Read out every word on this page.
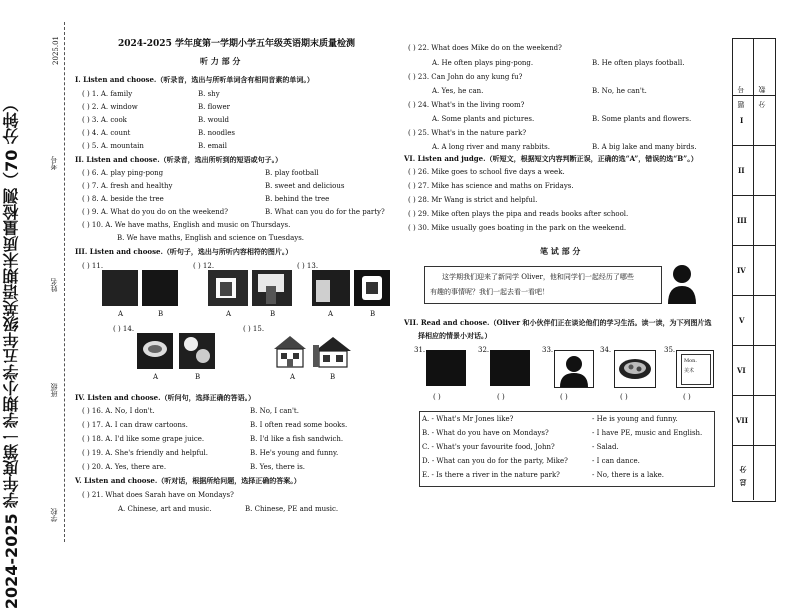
2024-2025 学年度第一学期小学五年级英语期末质量检测（70 分钟）
2025.01
学校
班级
姓名
考号
2024-2025 学年度第一学期小学五年级英语期末质量检测
听 力 部 分
I. Listen and choose.（听录音，选出与所听单词含有相同音素的单词。）
( ) 1. A. family	B. shy
( ) 2. A. window	B. flower
( ) 3. A. cook	B. would
( ) 4. A. count	B. noodles
( ) 5. A. mountain	B. email
II. Listen and choose.（听录音，选出所听到的短语或句子。）
( ) 6. A. play ping-pong	B. play football
( ) 7. A. fresh and healthy	B. sweet and delicious
( ) 8. A. beside the tree	B. behind the tree
( ) 9. A. What do you do on the weekend?	B. What can you do for the party?
( ) 10. A. We have maths, English and music on Thursdays.
B. We have maths, English and science on Tuesdays.
III. Listen and choose.（听句子，选出与所听内容相符的图片。）
( ) 11.
A	B
( ) 12.
A	B
( ) 13.
A	B
( ) 14.
A	B
( ) 15.
A	B
IV. Listen and choose.（听问句，选择正确的答语。）
( ) 16. A. No, I don't.	B. No, I can't.
( ) 17. A. I can draw cartoons.	B. I often read some books.
( ) 18. A. I'd like some grape juice.	B. I'd like a fish sandwich.
( ) 19. A. She's friendly and helpful.	B. He's young and funny.
( ) 20. A. Yes, there are.	B. Yes, there is.
V. Listen and choose.（听对话，根据所给问题，选择正确的答案。）
( ) 21. What does Sarah have on Mondays?
A. Chinese, art and music.	B. Chinese, PE and music.
( ) 22. What does Mike do on the weekend?
A. He often plays ping-pong.	B. He often plays football.
( ) 23. Can John do any kung fu?
A. Yes, he can.	B. No, he can't.
( ) 24. What's in the living room?
A. Some plants and pictures.	B. Some plants and flowers.
( ) 25. What's in the nature park?
A. A long river and many rabbits.	B. A big lake and many birds.
VI. Listen and judge.（听短文，根据短文内容判断正误，正确的选“A”，错误的选“B”。）
( ) 26. Mike goes to school five days a week.
( ) 27. Mike has science and maths on Fridays.
( ) 28. Mr Wang is strict and helpful.
( ) 29. Mike often plays the pipa and reads books after school.
( ) 30. Mike usually goes boating in the park on the weekend.
笔 试 部 分
这学期我们迎来了新同学 Oliver，他和同学们一起经历了哪些
有趣的事情呢？我们一起去看一看吧！
VII. Read and choose.（Oliver 和小伙伴们正在谈论他们的学习生活。读一读，为下列图片选
择相应的情景小对话。）
31.
( )
32.
( )
33.
( )
34.
( )
35.
Mon.
美术
( )
A. - What's Mr Jones like?	- He is young and funny.
B. - What do you have on Mondays?	- I have PE, music and English.
C. - What's your favourite food, John?	- Salad.
D. - What can you do for the party, Mike?	- I can dance.
E. - Is there a river in the nature park?	- No, there is a lake.
题号 分数
I
II
III
IV
V
VI
VII
总分
